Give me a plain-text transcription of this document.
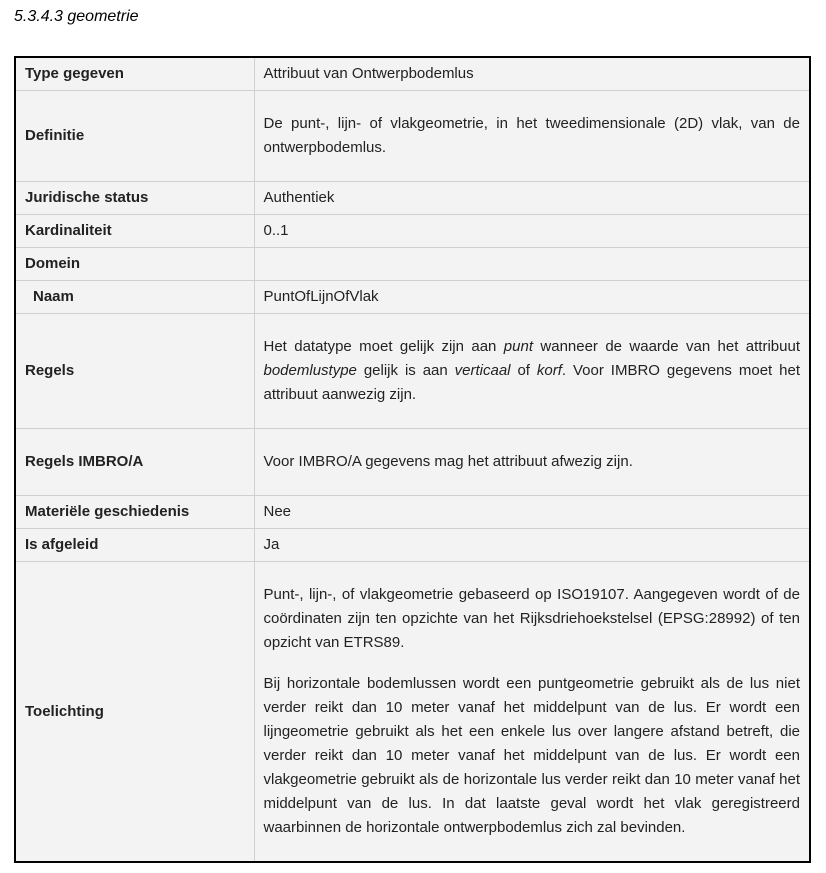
5.3.4.3 geometrie
Type gegeven	Attribuut van Ontwerpbodemlus
Definitie	De punt-, lijn- of vlakgeometrie, in het tweedimensionale (2D) vlak, van de ontwerpbodemlus.

Juridische status	Authentiek
Kardinaliteit	0..1
Domein	
Naam	PuntOfLijnOfVlak
Regels	Het datatype moet gelijk zijn aan punt wanneer de waarde van het attribuut bodemlustype gelijk is aan verticaal of korf. Voor IMBRO gegevens moet het attribuut aanwezig zijn.

Regels IMBRO/A	Voor IMBRO/A gegevens mag het attribuut afwezig zijn.

Materiële geschiedenis	Nee
Is afgeleid	Ja
Toelichting	Punt-, lijn-, of vlakgeometrie gebaseerd op ISO19107. Aangegeven wordt of de coördinaten zijn ten opzichte van het Rijksdriehoekstelsel (EPSG:28992) of ten opzicht van ETRS89.

Bij horizontale bodemlussen wordt een puntgeometrie gebruikt als de lus niet verder reikt dan 10 meter vanaf het middelpunt van de lus. Er wordt een lijngeometrie gebruikt als het een enkele lus over langere afstand betreft, die verder reikt dan 10 meter vanaf het middelpunt van de lus. Er wordt een vlakgeometrie gebruikt als de horizontale lus verder reikt dan 10 meter vanaf het middelpunt van de lus. In dat laatste geval wordt het vlak geregistreerd waarbinnen de horizontale ontwerpbodemlus zich zal bevinden.
